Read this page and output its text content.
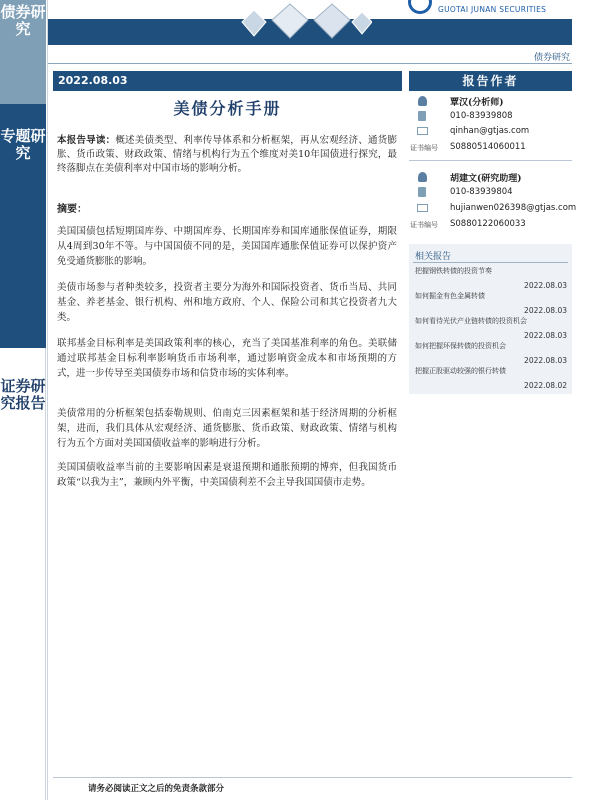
债券研究
专题研究
证券研究报告
GUOTAI JUNAN SECURITIES
债券研究
2022.08.03
美债分析手册
本报告导读：概述美债类型、利率传导体系和分析框架，再从宏观经济、通货膨胀、货币政策、财政政策、情绪与机构行为五个维度对美10年国债进行探究，最终落脚点在美债利率对中国市场的影响分析。
摘要：
美国国债包括短期国库券、中期国库券、长期国库券和国库通胀保值证券，期限从4周到30年不等。与中国国债不同的是，美国国库通胀保值证券可以保护资产免受通货膨胀的影响。
美债市场参与者种类较多，投资者主要分为海外和国际投资者、货币当局、共同基金、养老基金、银行机构、州和地方政府、个人、保险公司和其它投资者九大类。
联邦基金目标利率是美国政策利率的核心，充当了美国基准利率的角色。美联储通过联邦基金目标利率影响货币市场利率，通过影响资金成本和市场预期的方式，进一步传导至美国债券市场和信贷市场的实体利率。
美债常用的分析框架包括泰勒规则、伯南克三因素框架和基于经济周期的分析框架，进而，我们具体从宏观经济、通货膨胀、货币政策、财政政策、情绪与机构行为五个方面对美国国债收益率的影响进行分析。
美国国债收益率当前的主要影响因素是衰退预期和通胀预期的博弈，但我国货币政策“以我为主”，兼顾内外平衡，中美国债利差不会主导我国国债市走势。
报告作者
覃汉(分析师)
010-83939808
qinhan@gtjas.com
证书编号 S0880514060011
胡建文(研究助理)
010-83939804
hujianwen026398@gtjas.com
证书编号 S0880122060033
相关报告
把握钢铁转债的投资节奏
2022.08.03
如何掘金有色金属转债
2022.08.03
如何看待光伏产业链转债的投资机会
2022.08.03
如何把握环保转债的投资机会
2022.08.03
把握正股驱动较强的银行转债
2022.08.02
请务必阅读正文之后的免责条款部分
